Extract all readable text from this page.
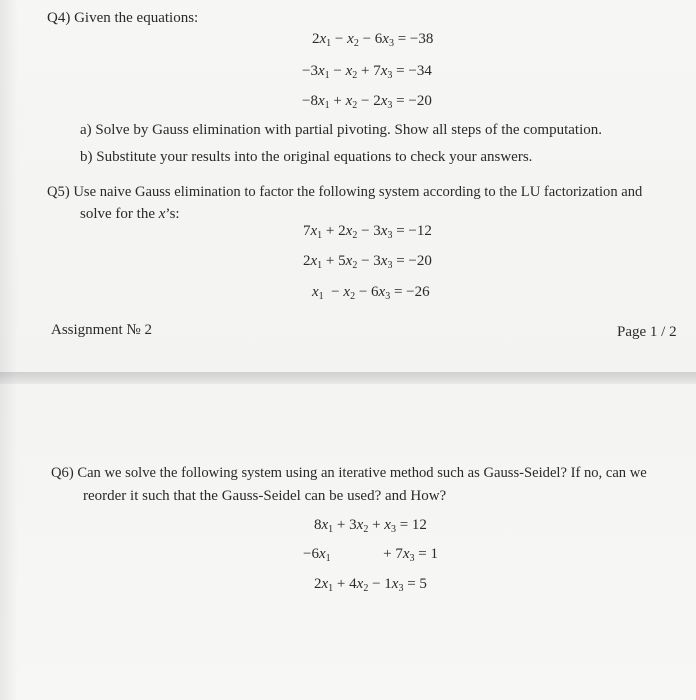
Q4) Given the equations:
$2x_1 - x_2 - 6x_3 = -38$
$-3x_1 - x_2 + 7x_3 = -34$
$-8x_1 + x_2 - 2x_3 = -20$
a) Solve by Gauss elimination with partial pivoting. Show all steps of the computation.
b) Substitute your results into the original equations to check your answers.
Q5) Use naive Gauss elimination to factor the following system according to the LU factorization and
solve for the x’s:
$7x_1 + 2x_2 - 3x_3 = -12$
$2x_1 + 5x_2 - 3x_3 = -20$
$x_1 - x_2 - 6x_3 = -26$
Assignment № 2	Page 1 / 2
Q6) Can we solve the following system using an iterative method such as Gauss-Seidel? If no, can we
reorder it such that the Gauss-Seidel can be used? and How?
$8x_1 + 3x_2 + x_3 = 12$
$-6x_1$              + $7x_3 = 1$
$2x_1 + 4x_2 - 1x_3 = 5$
